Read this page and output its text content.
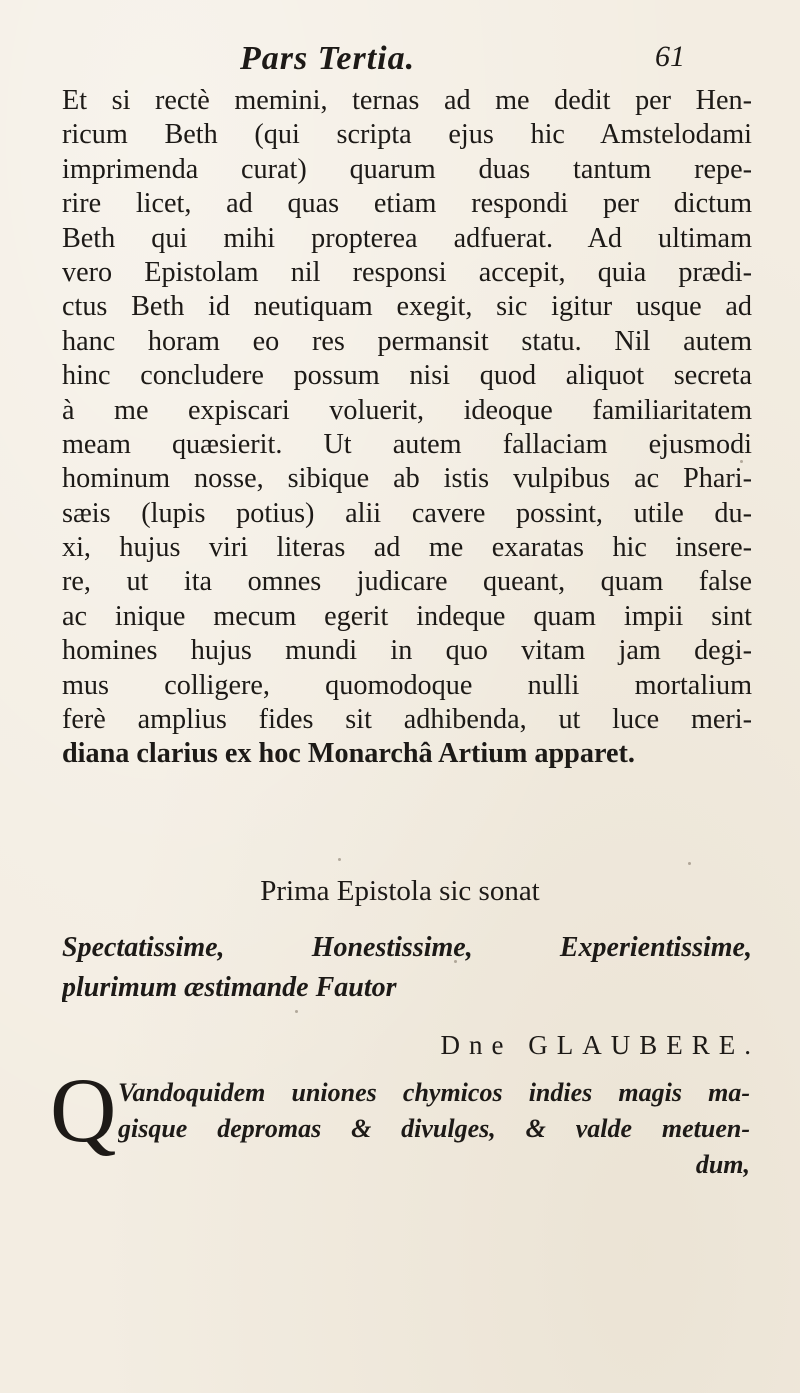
Pars Tertia.	61
Et si rectè memini, ternas ad me dedit per Hen-
ricum Beth (qui scripta ejus hic Amstelodami
imprimenda curat) quarum duas tantum repe-
rire licet, ad quas etiam respondi per dictum
Beth qui mihi propterea adfuerat. Ad ultimam
vero Epistolam nil responsi accepit, quia prædi-
ctus Beth id neutiquam exegit, sic igitur usque ad
hanc horam eo res permansit statu. Nil autem
hinc concludere possum nisi quod aliquot secreta
à me expiscari voluerit, ideoque familiaritatem
meam quæsierit. Ut autem fallaciam ejusmodi
hominum nosse, sibique ab istis vulpibus ac Phari-
sæis (lupis potius) alii cavere possint, utile du-
xi, hujus viri literas ad me exaratas hic insere-
re, ut ita omnes judicare queant, quam false
ac inique mecum egerit indeque quam impii sint
homines hujus mundi in quo vitam jam degi-
mus colligere, quomodoque nulli mortalium
ferè amplius fides sit adhibenda, ut luce meri-
diana clarius ex hoc Monarchâ Artium apparet.
Prima Epistola sic sonat
Spectatissime, Honestissime, Experientissime,
plurimum æstimande Fautor
Dne GLAUBERE.
Q Vandoquidem uniones chymicos indies magis ma-
gisque depromas & divulges, & valde metuen-
dum,
